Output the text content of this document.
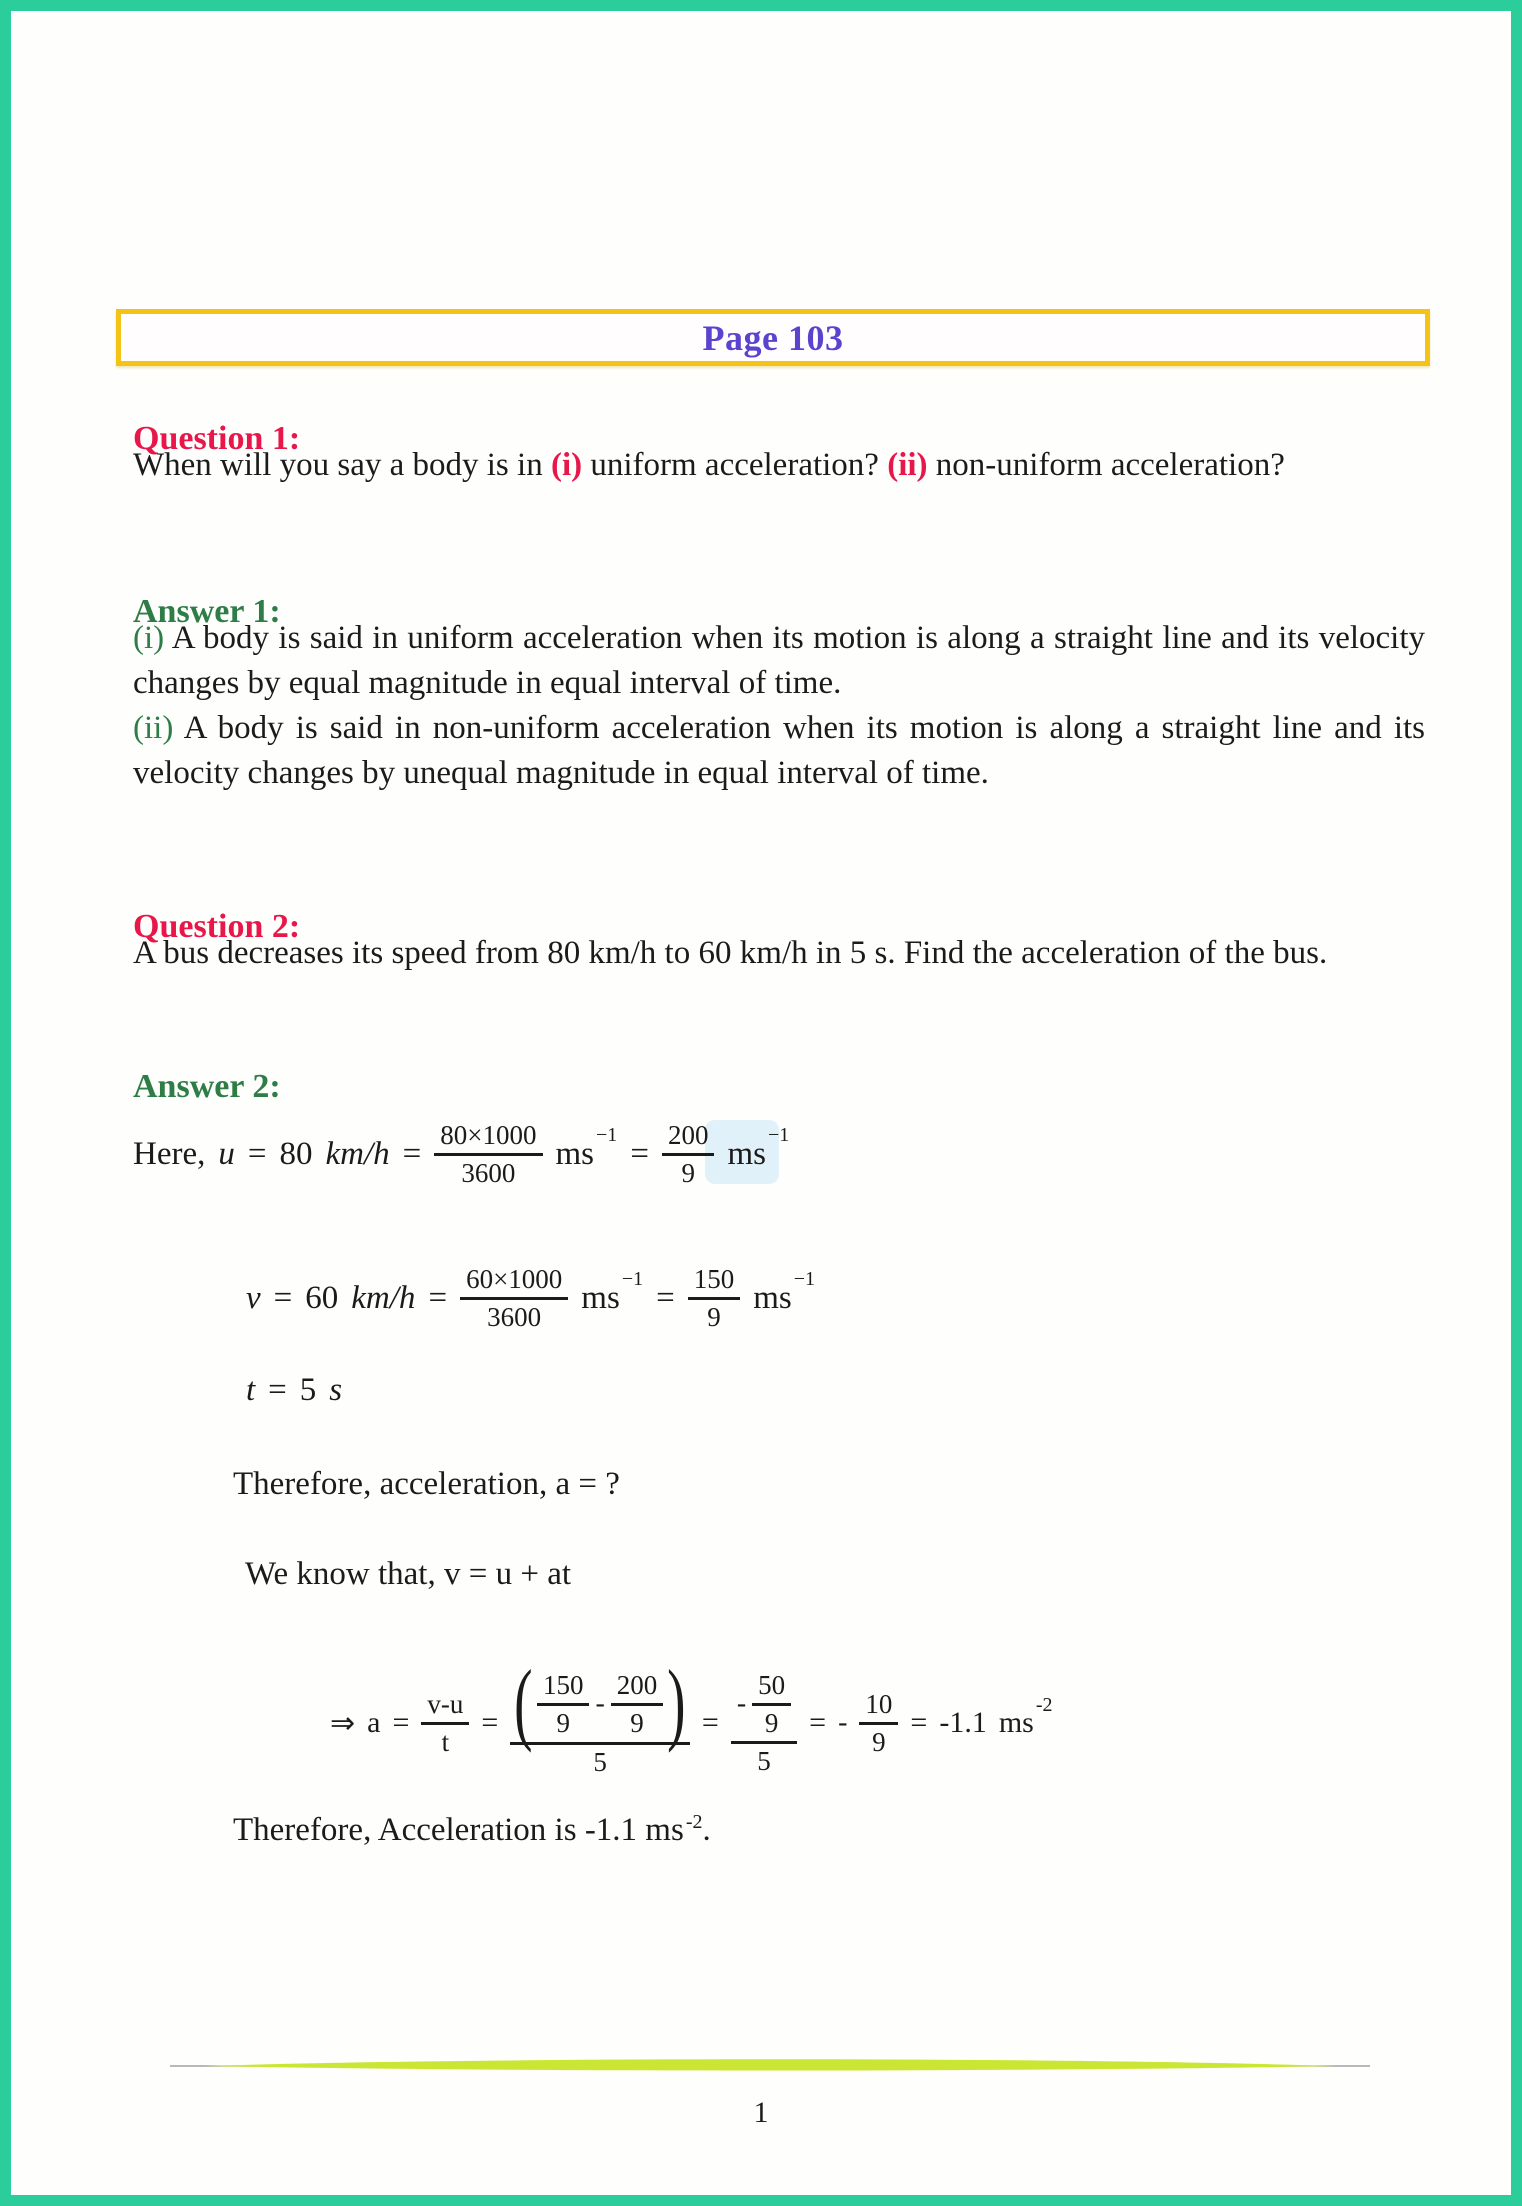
Page 103
Question 1:

When will you say a body is in (i) uniform acceleration? (ii) non-uniform acceleration?

Answer 1:

(i) A body is said in uniform acceleration when its motion is along a straight line and its velocity changes by equal magnitude in equal interval of time.

(ii) A body is said in non-uniform acceleration when its motion is along a straight line and its velocity changes by unequal magnitude in equal interval of time.

Question 2:

A bus decreases its speed from 80 km/h to 60 km/h in 5 s. Find the acceleration of the bus.

Answer 2:
Here, u = 80 $km/h = \frac{80\times 1000}{3600}$ ms
−1
= $\frac{200}{9}$ ms
−1
v = 60 $km/h = \frac{60\times 1000}{3600}$ ms
−1
= $\frac{150}{9}$ ms
−1
t = 5 s
Therefore, acceleration, a = ?
We know that, v = u + at
⇒ $a = \frac{v-u}{t} = \frac{( \frac{150}{9} - \frac{200}{9} )}{5} = \frac{- \frac{50}{9}}{5}$ = - $\frac{10}{9} = -1.1$ ms
-2
Therefore, Acceleration is -1.1 ms -2.
1
